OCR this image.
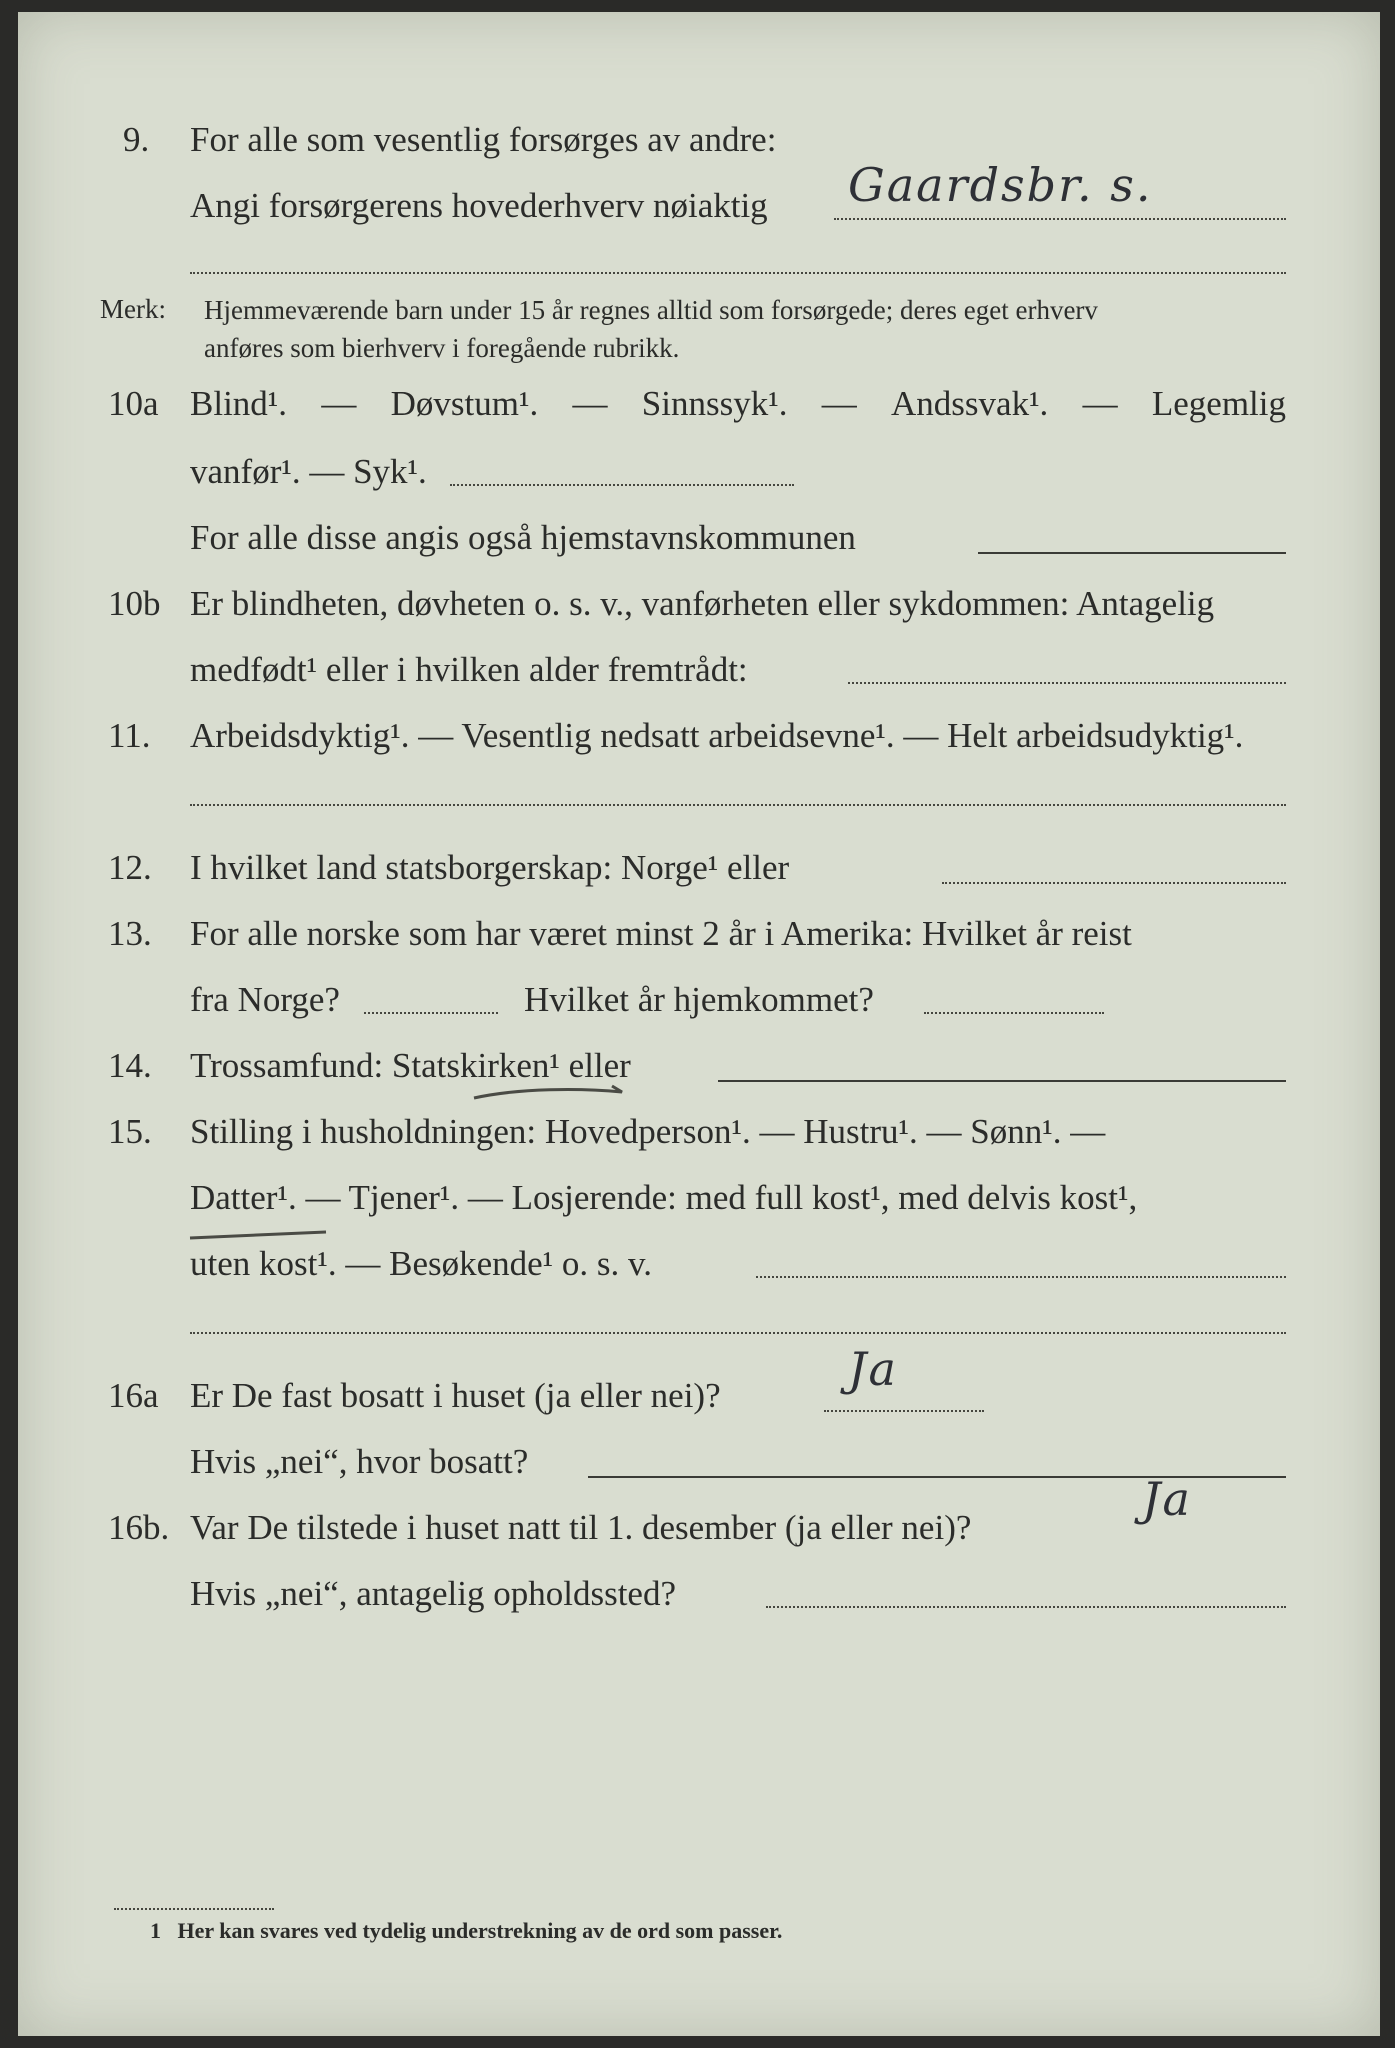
9. For alle som vesentlig forsørges av andre:
Angi forsørgerens hovederhverv nøiaktig Gaardsbr. s.
Merk: Hjemmeværende barn under 15 år regnes alltid som forsørgede; deres eget erhverv
anføres som bierhverv i foregående rubrikk.
10a Blind¹. — Døvstum¹. — Sinnssyk¹. — Andssvak¹. — Legemlig
vanfør¹. — Syk¹.
For alle disse angis også hjemstavnskommunen
10b Er blindheten, døvheten o. s. v., vanførheten eller sykdommen: Antagelig
medfødt¹ eller i hvilken alder fremtrådt:
11. Arbeidsdyktig¹. — Vesentlig nedsatt arbeidsevne¹. — Helt arbeidsudyktig¹.
12. I hvilket land statsborgerskap: Norge¹ eller
13. For alle norske som har været minst 2 år i Amerika: Hvilket år reist
fra Norge?	Hvilket år hjemkommet?
14. Trossamfund: Statskirken¹ eller
15. Stilling i husholdningen: Hovedperson¹. — Hustru¹. — Sønn¹. —
Datter¹. — Tjener¹. — Losjerende: med full kost¹, med delvis kost¹,
uten kost¹. — Besøkende¹ o. s. v.
16a Er De fast bosatt i huset (ja eller nei)?	Ja
Hvis „nei“, hvor bosatt?
16b. Var De tilstede i huset natt til 1. desember (ja eller nei)?
Ja
Hvis „nei“, antagelig opholdssted?
1 Her kan svares ved tydelig understrekning av de ord som passer.
